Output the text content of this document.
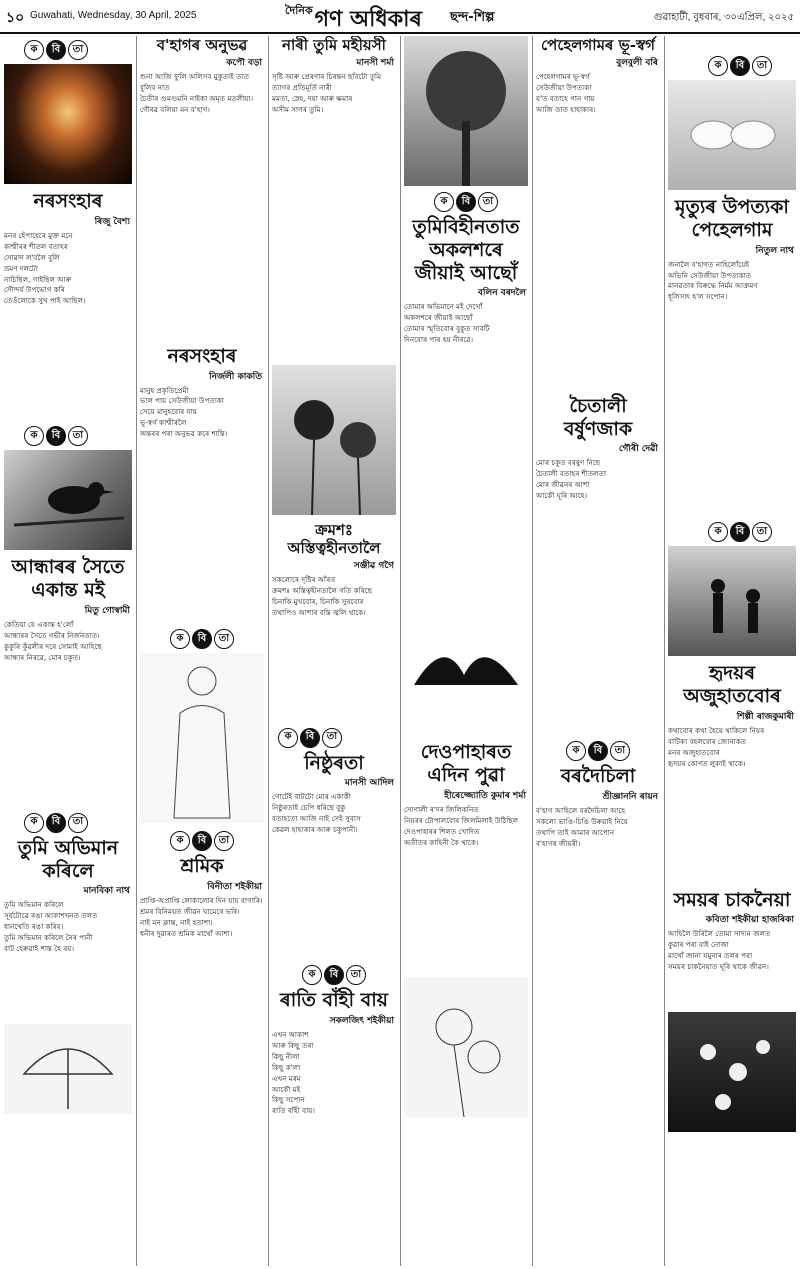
১০ Guwahati, Wednesday, 30 April, 2025	$^{দৈনিক}$গণ অধিকাৰ ছন্দ-শিল্প	গুৱাহাটী, বুধবাৰ, ৩০এপ্ৰিল, ২০২৫
ক	বি	তা
নৰসংহাৰ
ৰিজু বৈশ্য

মনৰ হেঁপাহেৰে মুক্ত মনে

কাশ্মীৰৰ শীতল বতাহৰ

সোৱাদ ল'বলৈ বুলি

ভ্ৰমণ দলটো

নাচিছিল, গাইছিল আৰু

সৌন্দৰ্য উপভোগ কৰি

তেওঁলোকে সুখ পাই আছিল।

ক	বি	তা
আন্ধাৰৰ সৈতে একান্ত মই
মিতু গোস্বামী

কেতিয়া যে একান্ত হ'লোঁ

আন্ধাৰৰ সৈতে গভীৰ নিৰ্জনতাত।

কুকুৰি কুঁৱলীৰ দৰে সোমাই আহিছে

আন্ধাৰ নিৰৱে, মোৰ চকুত।

ক	বি	তা
তুমি অভিমান কৰিলে
মানবিকা নাথ

তুমি অভিমান কৰিলে

সূৰ্যটোৱে ৰঙা আকাশখনত তলত

ধানখেতি ৰঙা কৰিব।

তুমি অভিমান কৰিলে নৈৰ পানী

বাট হেৰুৱাই শান্ত হৈ ৰয়।

ব'হাগৰ অনুভৱ
কপৌ বড়া

শুনা আজি ফুলি অলিসব মুকুতাই তাত

বুলিব নাত

চৈতীৰ গুমগুমনি নাইকা অমৃত মতলীয়া।

গৌৰৱ বলিয়া মন ব'হাগ।

নৰসংহাৰ
নিৰ্জলী কাকতি

মানুহ প্ৰকৃতিপ্ৰেমী

ভাল পায় সেউজীয়া উপত্যকা

সেয়ে মানুহবোৰ যায়

ভূ-স্বৰ্গ কাশ্মীৰলৈ

অন্তৰৰ পৰা অনুভৱ কৰে শান্তি।

ক	বি	তা
ক	বি	তা
শ্ৰমিক
বিনীতা শইকীয়া

প্ৰাপ্তি-অপ্ৰাপ্তি লোকালোৰ দিন যায় বাগাৰি।

শ্ৰমৰ বিনিময়ত জীৱন ঘামেৰে ভৰি।

নাই মন ক্লান্ত, নাই হতাশা।

ধনীৰ দুৱাৰত শ্ৰমিক মাথোঁ আশা।

নাৰী তুমি মহীয়সী
মানসী শৰ্মা

সৃষ্টি আৰু প্ৰেৰণাৰ চিৰন্তন ছবিটো তুমি

ত্যাগৰ প্ৰতিমূৰ্তি নাৰী

মমতা, স্নেহ, দয়া আৰু ক্ষমাৰ

অসীম সাগৰ তুমি।

ক্ৰমশঃ অস্তিত্বহীনতালৈ
সঞ্জীৱ গগৈ

সকলোৰে দৃষ্টিৰ আঁৰত

ক্ৰমশঃ অস্তিত্বহীনতালৈ গতি কৰিছে

চিনাকি মুখবোৰ, চিনাকি সুৰবোৰ

তথাপিও আশাৰ বন্তি জ্বলি থাকে।

ক	বি	তা
নিষ্ঠুৰতা
মানসী আদিল

গোটেই বাটটো মোৰ একাকী

নিষ্ঠুৰতাই চেপি ধৰিছে বুকু

বতাহতো আজি নাই সেই সুবাস

কেৱল হাহাকাৰ আৰু চকুপানী।

ক	বি	তা
ৰাতি বাঁহী বায়
সকলজিৎ শইকীয়া

এখন আকাশ

আৰু কিছু তৰা

কিছু নীলা

কিছু ক'লা

এখন মৰম

আকৌ মই

কিছু সপোন

ৰাতি বাঁহী বায়।

ক	বি	তা
তুমিবিহীনতাত অকলশৰে জীয়াই আছোঁ
বলিন বৰদলৈ

তোমাৰ অভিমানে মই দেখোঁ

অকলশৰে জীয়াই আছোঁ

তোমাৰ স্মৃতিবোৰ বুকুত সাবটি

দিনবোৰ পাৰ হয় নীৰৱে।

দেওপাহাৰত এদিন পুৱা
হীৰেজ্জ্যোতি কুমাৰ শৰ্মা

সোণালী ৰ'দৰ জিলিকনিত

নিয়ৰৰ টোপালবোৰ জিলমিলাই উঠিছিল

দেওপাহাৰৰ শিলত খোদিত

অতীতৰ কাহিনী কৈ থাকে।

পেহেলগামৰ ভূ-স্বৰ্গ
বুলবুলী বৰি

পেহেলগামৰ ভূ-স্বৰ্গ

সেউজীয়া উপত্যকা

য'ত বতাহে গান গায়

আজি তাত হাহাকাৰ।

চৈতালী বৰ্ষুণজাক
গৌৰী দেৱী

মোৰ চকুত বৰষুণ নিছে

চৈতালী বতাহৰ শীতলতা

মোৰ জীৱনৰ আশা

আকৌ ঘূৰি আহে।

ক	বি	তা
বৰদৈচিলা
শ্ৰীজ্ঞাননি ৰায়ন

ব'হাগ আহিলে বৰদৈচিলা আহে

সকলো ভাঙি-চিঙি উৰুৱাই নিয়ে

তথাপি তাই আমাৰ আপোন

ব'হাগৰ জীয়ৰী।

ক	বি	তা
মৃত্যুৰ উপত্যকা পেহেলগাম
নিতুল নাথ

জনালৈ ব'হাগত নাহিলোঁয়েই

অভিনি সেউজীয়া উপত্যকাত

মানৱতাৰ বিৰুদ্ধে নিৰ্মম আক্ৰমণ

ধূলিসাৎ হ'ল সপোন।

ক	বি	তা
হৃদয়ৰ অজুহাতবোৰ
শিল্পী ৰাজকুমাৰী

কথাবোৰ কথা হৈয়ে থাকিলে নিয়ৰ

বাটিকা বহলবোৰ জোনাকত

মনৰ অজুহাতবোৰ

হৃদয়ৰ কোণত লুকাই থাকে।

সময়ৰ চাকনৈয়া
কবিতা শইকীয়া হাজৰিকা

আহিলৈ উৰিলৈ তোমা সাদ্যন জলত

কুৱাৰ পৰা বাই নোজা

মাখোঁ জানা যমুনাৰ তলৰ পৰা

সময়ৰ চাকনৈয়াত ঘূৰি থাকে জীৱন।
